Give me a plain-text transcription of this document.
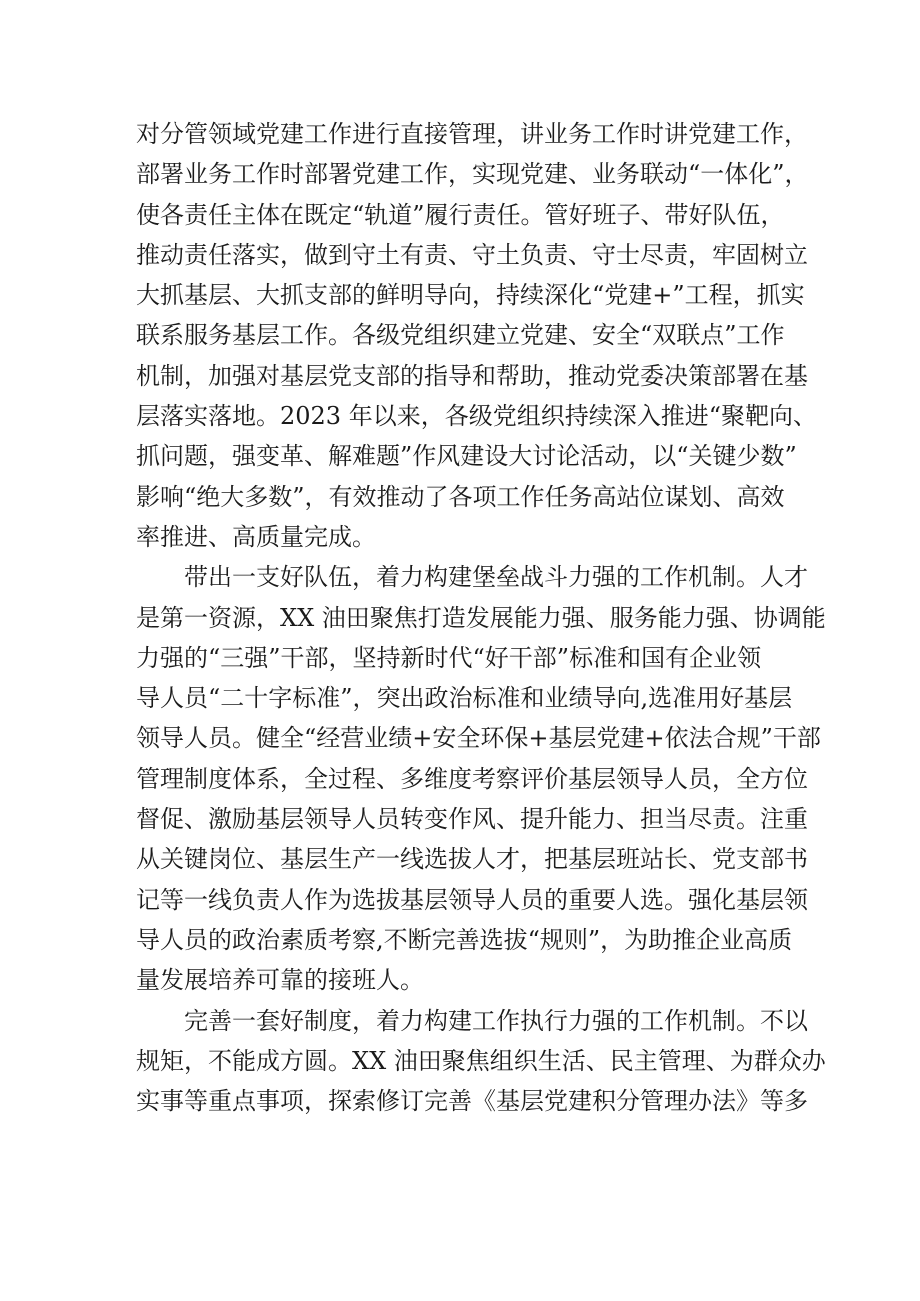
对分管领域党建工作进行直接管理，讲业务工作时讲党建工作，
部署业务工作时部署党建工作，实现党建、业务联动“一体化”，
使各责任主体在既定“轨道”履行责任。管好班子、带好队伍，
推动责任落实，做到守土有责、守土负责、守士尽责，牢固树立
大抓基层、大抓支部的鲜明导向，持续深化“党建+”工程，抓实
联系服务基层工作。各级党组织建立党建、安全“双联点”工作
机制，加强对基层党支部的指导和帮助，推动党委决策部署在基
层落实落地。2023 年以来，各级党组织持续深入推进“聚靶向、
抓问题，强变革、解难题”作风建设大讨论活动，以“关键少数”
影响“绝大多数”，有效推动了各项工作任务高站位谋划、高效
率推进、高质量完成。
带出一支好队伍，着力构建堡垒战斗力强的工作机制。人才
是第一资源，XX 油田聚焦打造发展能力强、服务能力强、协调能
力强的“三强”干部，坚持新时代“好干部”标准和国有企业领
导人员“二十字标准”，突出政治标准和业绩导向,选准用好基层
领导人员。健全“经营业绩+安全环保+基层党建+依法合规”干部
管理制度体系，全过程、多维度考察评价基层领导人员，全方位
督促、激励基层领导人员转变作风、提升能力、担当尽责。注重
从关键岗位、基层生产一线选拔人才，把基层班站长、党支部书
记等一线负责人作为选拔基层领导人员的重要人选。强化基层领
导人员的政治素质考察,不断完善选拔“规则”，为助推企业高质
量发展培养可靠的接班人。
完善一套好制度，着力构建工作执行力强的工作机制。不以
规矩，不能成方圆。XX 油田聚焦组织生活、民主管理、为群众办
实事等重点事项，探索修订完善《基层党建积分管理办法》等多
